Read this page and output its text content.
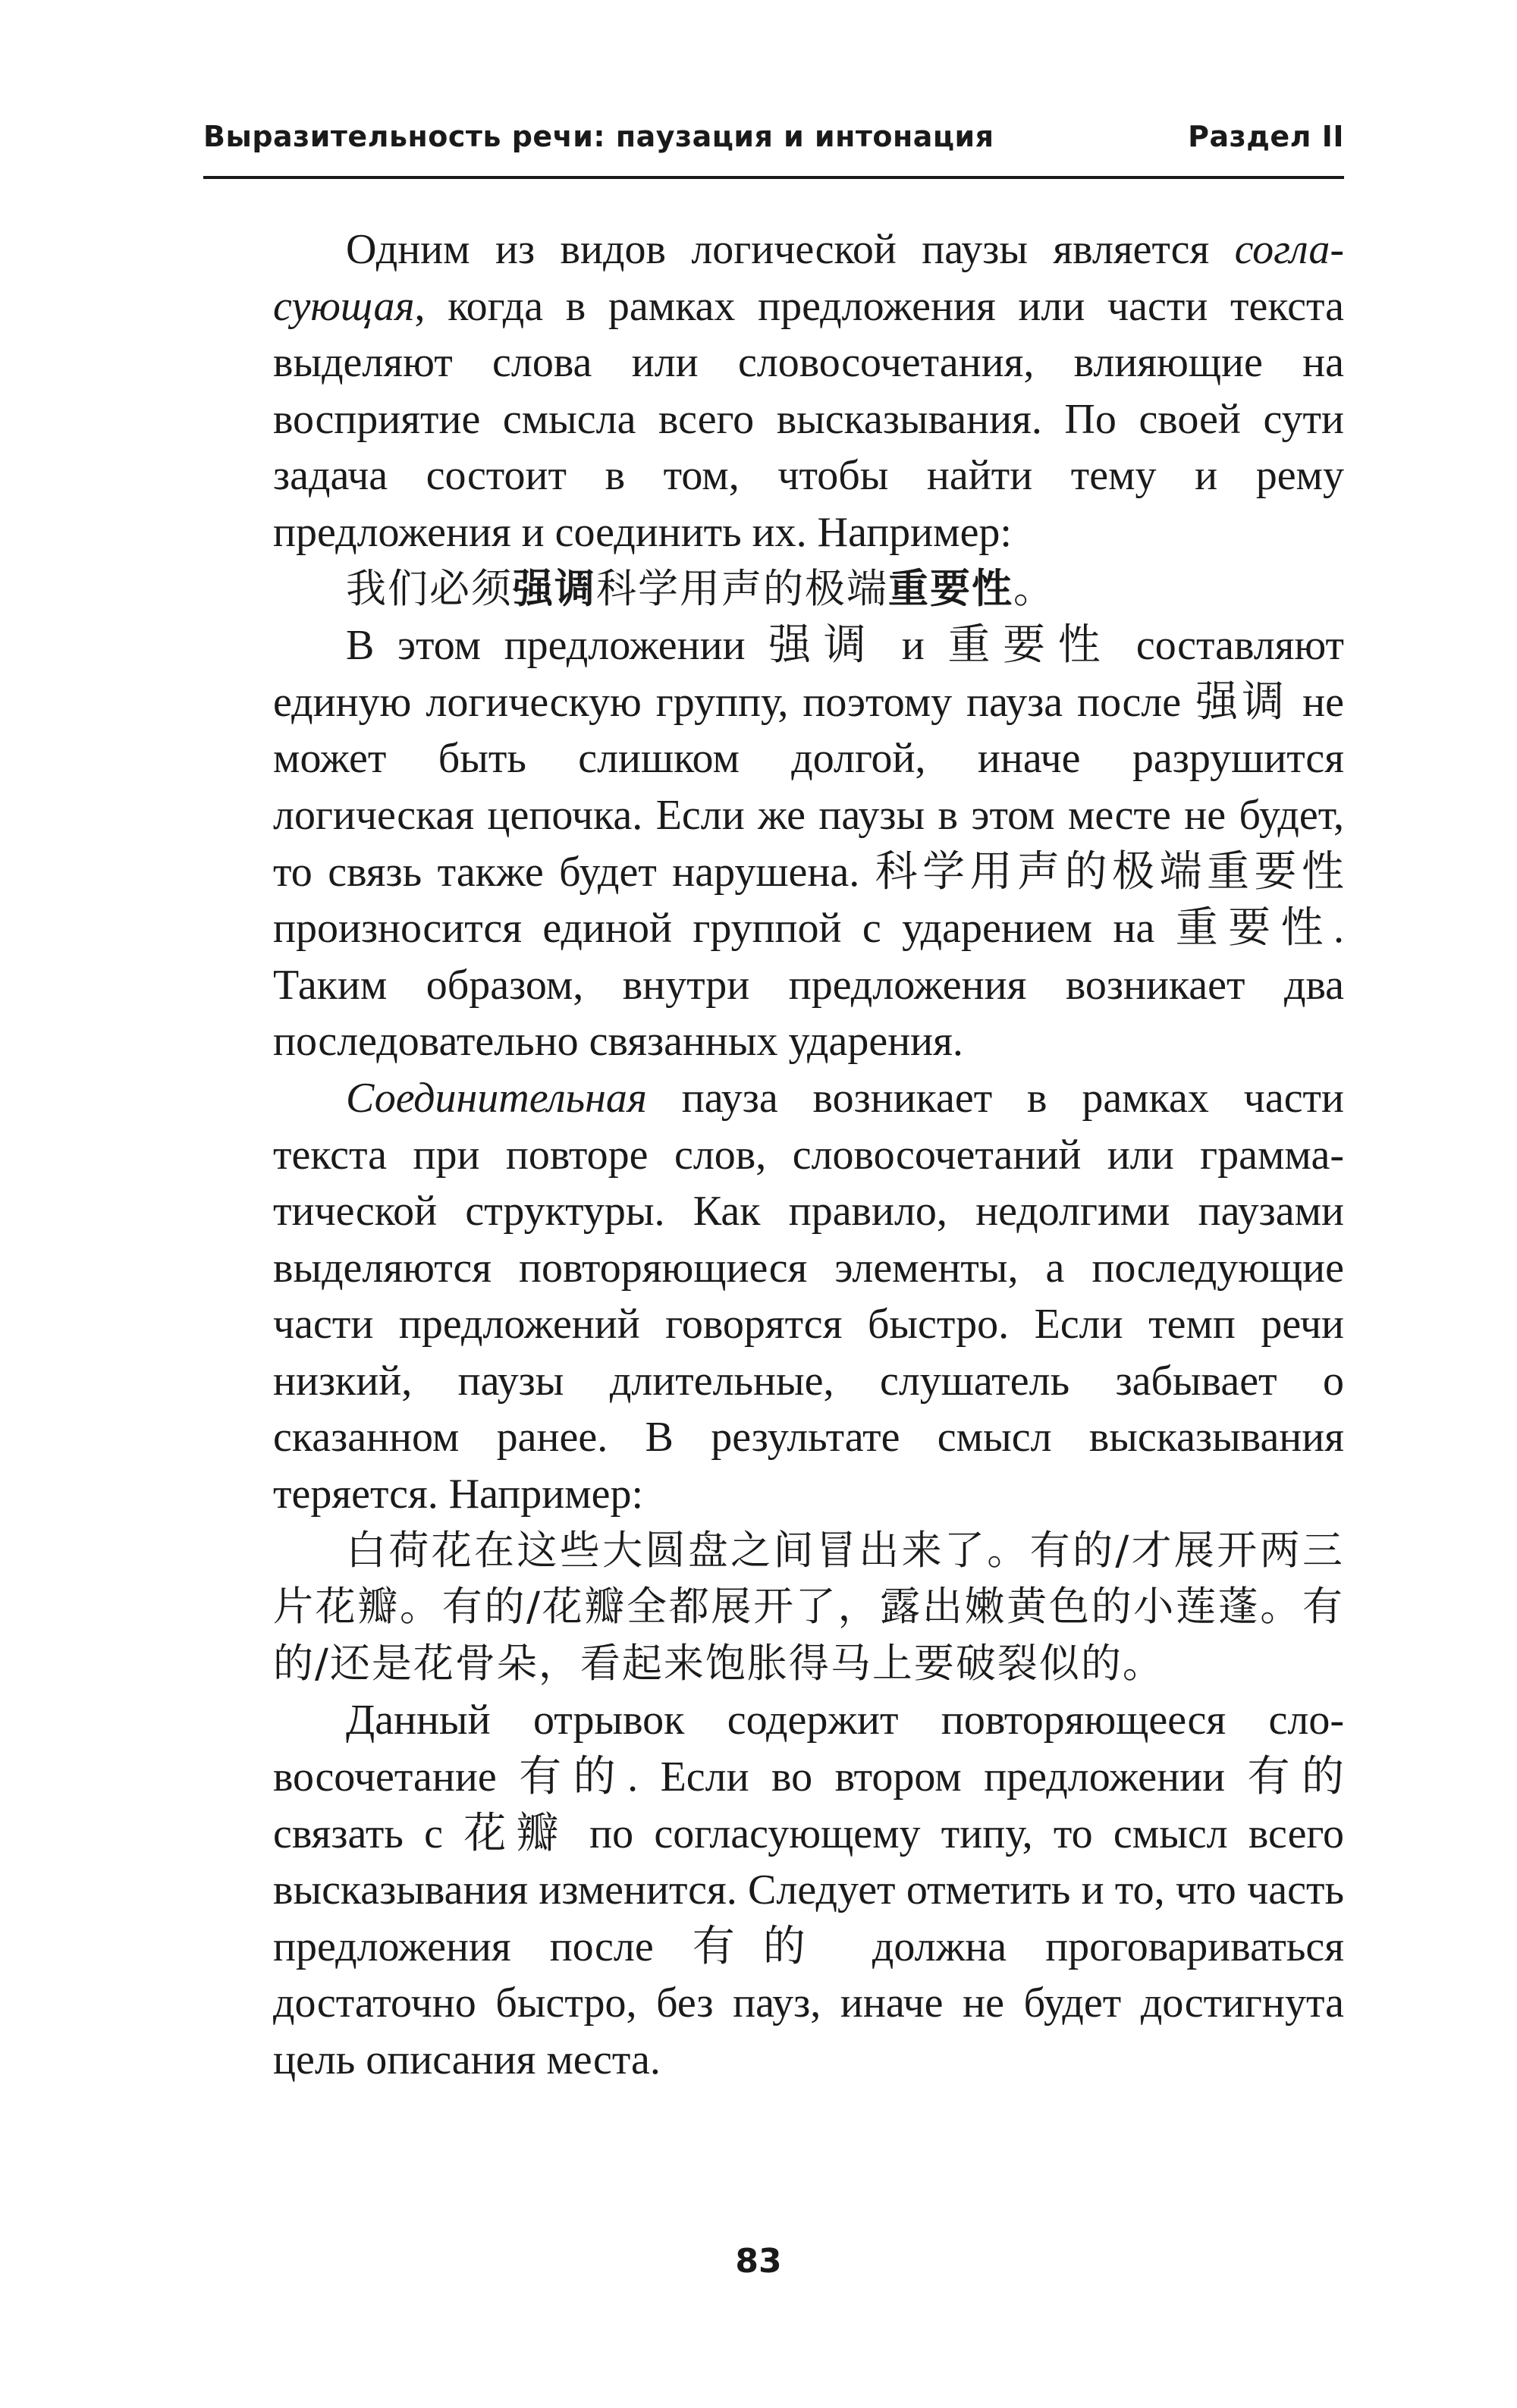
Выразительность речи: паузация и интонация	Раздел II

Одним из видов логической паузы является согласующая, когда в рамках предложения или части текста выделяют слова или словосочетания, влияющие на восприятие смысла всего высказывания. По своей сути задача состоит в том, чтобы найти тему и рему предложения и соединить их. Например:

我们必须强调科学用声的极端重要性。

В этом предложении 强调 и 重要性 составляют единую логическую группу, поэтому пауза после 强调 не может быть слишком долгой, иначе разрушится логическая цепочка. Если же паузы в этом месте не будет, то связь также будет нарушена. 科学用声的极端重要性 произносится единой группой с ударением на 重要性. Таким образом, внутри предложения возникает два последовательно связанных ударения.

Соединительная пауза возникает в рамках части текста при повторе слов, словосочетаний или грамматической структуры. Как правило, недолгими паузами выделяются повторяющиеся элементы, а последующие части предложений говорятся быстро. Если темп речи низкий, паузы длительные, слушатель забывает о сказанном ранее. В результате смысл высказывания теряется. Например:

白荷花在这些大圆盘之间冒出来了。有的/才展开两三片花瓣。有的/花瓣全都展开了，露出嫩黄色的小莲蓬。有的/还是花骨朵，看起来饱胀得马上要破裂似的。

Данный отрывок содержит повторяющееся словосочетание 有的. Если во втором предложении 有的 связать с 花瓣 по согласующему типу, то смысл всего высказывания изменится. Следует отметить и то, что часть предложения после 有的 должна проговариваться достаточно быстро, без пауз, иначе не будет достигнута цель описания места.

83
